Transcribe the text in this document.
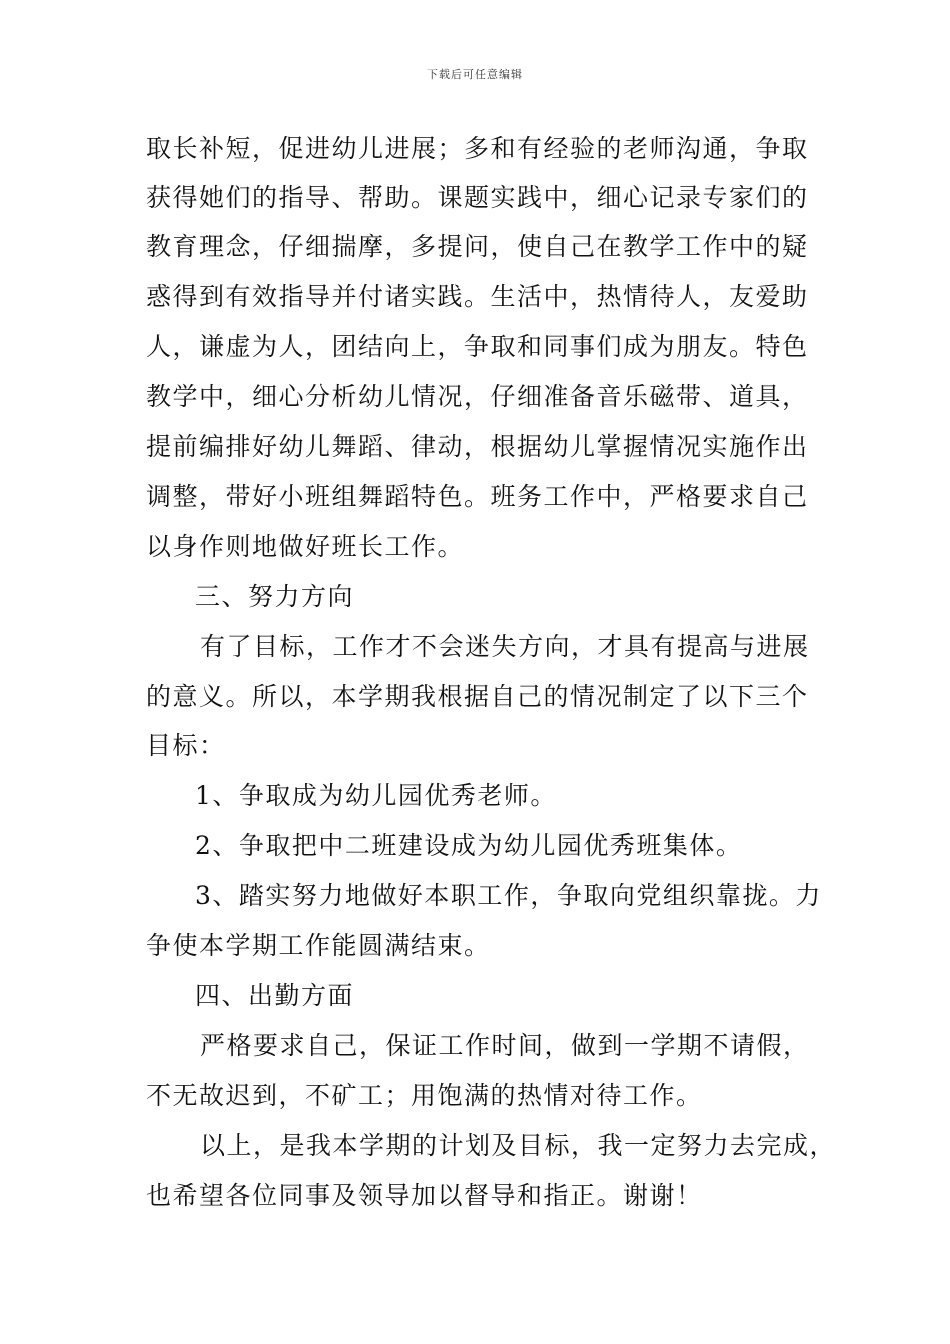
下载后可任意编辑
取长补短，促进幼儿进展；多和有经验的老师沟通，争取
获得她们的指导、帮助。课题实践中，细心记录专家们的
教育理念，仔细揣摩，多提问，使自己在教学工作中的疑
惑得到有效指导并付诸实践。生活中，热情待人，友爱助
人，谦虚为人，团结向上，争取和同事们成为朋友。特色
教学中，细心分析幼儿情况，仔细准备音乐磁带、道具，
提前编排好幼儿舞蹈、律动，根据幼儿掌握情况实施作出
调整，带好小班组舞蹈特色。班务工作中，严格要求自己
以身作则地做好班长工作。
三、努力方向
有了目标，工作才不会迷失方向，才具有提高与进展
的意义。所以，本学期我根据自己的情况制定了以下三个
目标：
1、争取成为幼儿园优秀老师。
2、争取把中二班建设成为幼儿园优秀班集体。
3、踏实努力地做好本职工作，争取向党组织靠拢。力
争使本学期工作能圆满结束。
四、出勤方面
严格要求自己，保证工作时间，做到一学期不请假，
不无故迟到，不矿工；用饱满的热情对待工作。
以上，是我本学期的计划及目标，我一定努力去完成，
也希望各位同事及领导加以督导和指正。谢谢！
